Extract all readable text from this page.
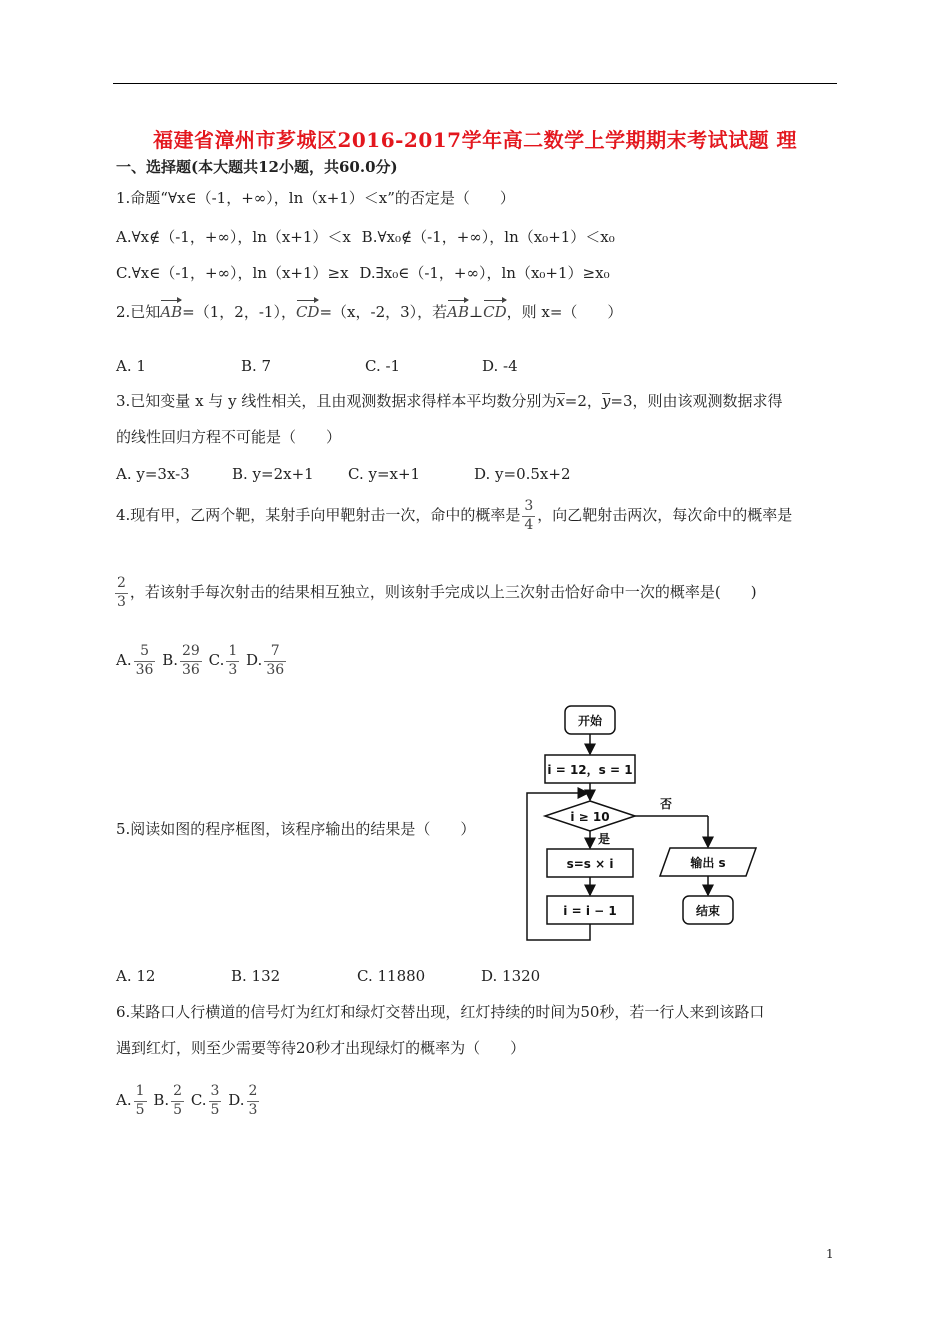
福建省漳州市芗城区2016-2017学年高二数学上学期期末考试试题 理
一、选择题(本大题共12小题，共60.0分)
1.命题“∀x∈（-1，+∞），ln（x+1）＜x”的否定是（　　）
A.∀x∉（-1，+∞），ln（x+1）＜x B.∀x₀∉（-1，+∞），ln（x₀+1）＜x₀
C.∀x∈（-1，+∞），ln（x+1）≥x D.∃x₀∈（-1，+∞），ln（x₀+1）≥x₀
2.已知AB=（1，2，-1），CD=（x，-2，3），若AB⊥CD，则 x=（　　）
A. 1	B. 7	C. -1	D. -4
3.已知变量 x 与 y 线性相关，且由观测数据求得样本平均数分别为x=2，y=3，则由该观测数据求得
的线性回归方程不可能是（　　）
A. y=3x-3	B. y=2x+1 C. y=x+1	D. y=0.5x+2
4.现有甲，乙两个靶，某射手向甲靶射击一次，命中的概率是 $\frac{3}{4}$ ，向乙靶射击两次，每次命中的概率是
$\frac{2}{3}$ ，若该射手每次射击的结果相互独立，则该射手完成以上三次射击恰好命中一次的概率是(　　)
A. $\frac{5}{36} B$. $\frac{29}{36} C$. $\frac{1}{3} D$. $\frac{7}{36}$
5.阅读如图的程序框图，该程序输出的结果是（　　）
开始
i = 12，s = 1
i ≥ 10
否
是
s=s × i
i = i − 1
输出 s
结束
A. 12	B. 132	C. 11880	D. 1320
6.某路口人行横道的信号灯为红灯和绿灯交替出现，红灯持续的时间为50秒，若一行人来到该路口
遇到红灯，则至少需要等待20秒才出现绿灯的概率为（　　）
A. $\frac{1}{5} B$. $\frac{2}{5} C$. $\frac{3}{5} D$. $\frac{2}{3}$
1
